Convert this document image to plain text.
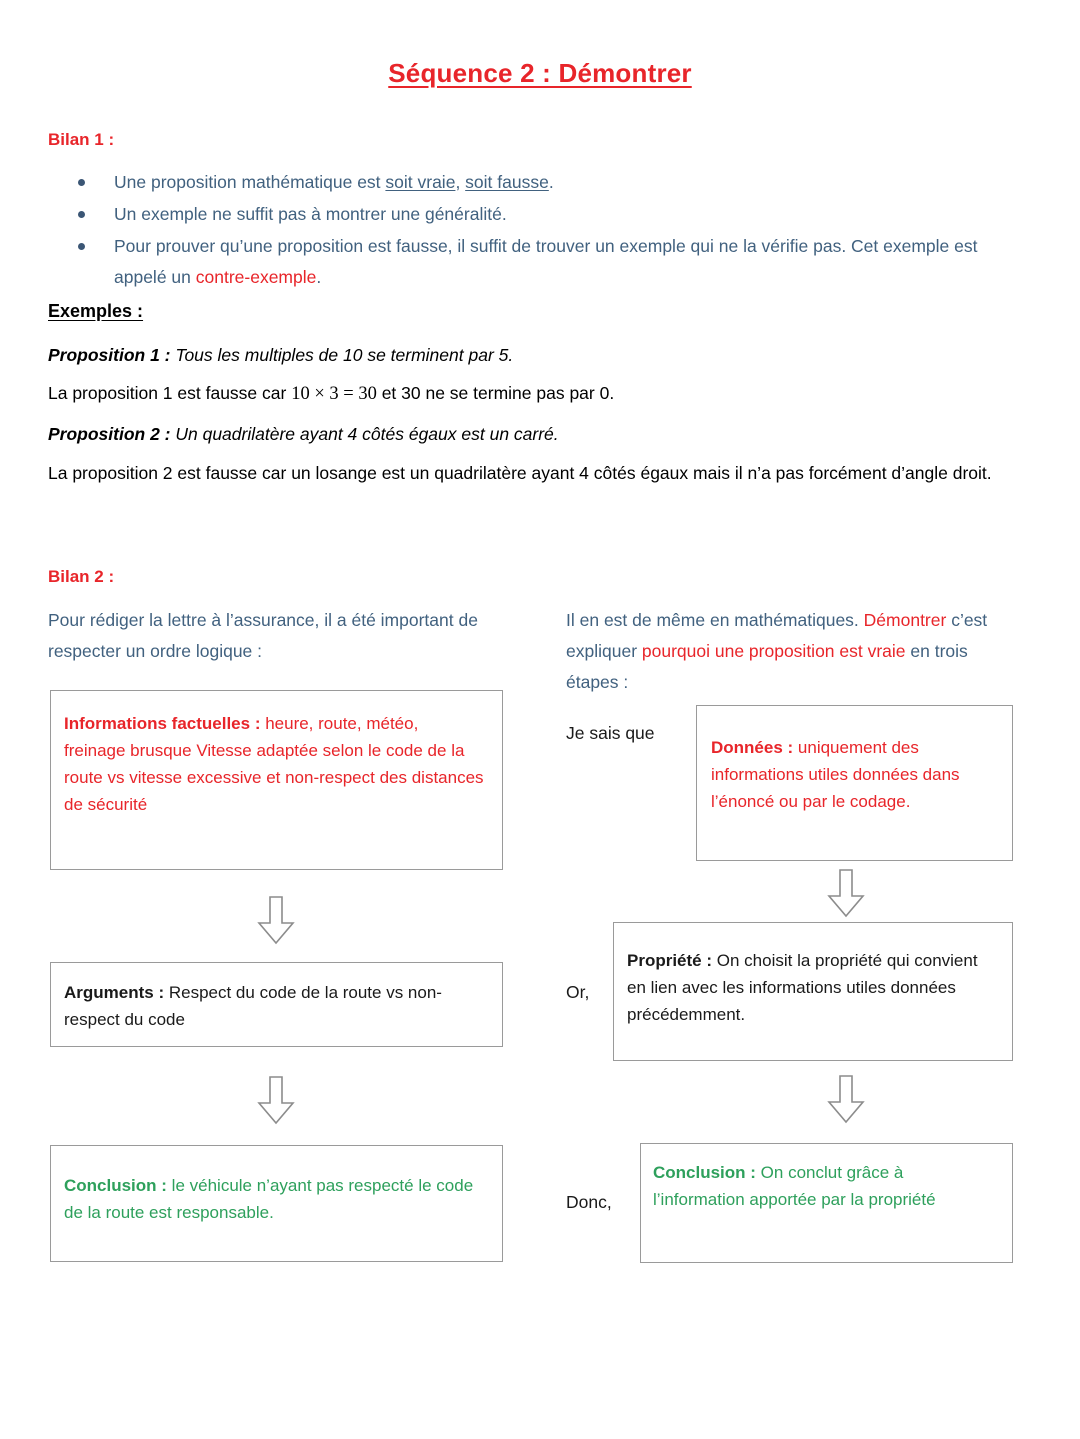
Séquence 2 : Démontrer
Bilan 1 :
Une proposition mathématique est soit vraie, soit fausse.
Un exemple ne suffit pas à montrer une généralité.
Pour prouver qu’une proposition est fausse, il suffit de trouver un exemple qui ne la vérifie pas. Cet exemple est appelé un contre-exemple.
Exemples :
Proposition 1 : Tous les multiples de 10 se terminent par 5.
La proposition 1 est fausse car 10 × 3 = 30 et 30 ne se termine pas par 0.
Proposition 2 : Un quadrilatère ayant 4 côtés égaux est un carré.
La proposition 2 est fausse car un losange est un quadrilatère ayant 4 côtés égaux mais il n’a pas forcément d’angle droit.
Bilan 2 :
Pour rédiger la lettre à l’assurance, il a été important de respecter un ordre logique :
Il en est de même en mathématiques. Démontrer c’est expliquer pourquoi une proposition est vraie en trois étapes :
Informations factuelles : heure, route, météo, freinage brusque Vitesse adaptée selon le code de la route vs vitesse excessive et non-respect des distances de sécurité
Arguments : Respect du code de la route vs non-respect du code
Conclusion : le véhicule n’ayant pas respecté le code de la route est responsable.
Je sais que
Données : uniquement des informations utiles données dans l’énoncé ou par le codage.
Or,
Propriété : On choisit la propriété qui convient en lien avec les informations utiles données précédemment.
Donc,
Conclusion : On conclut grâce à l’information apportée par la propriété
